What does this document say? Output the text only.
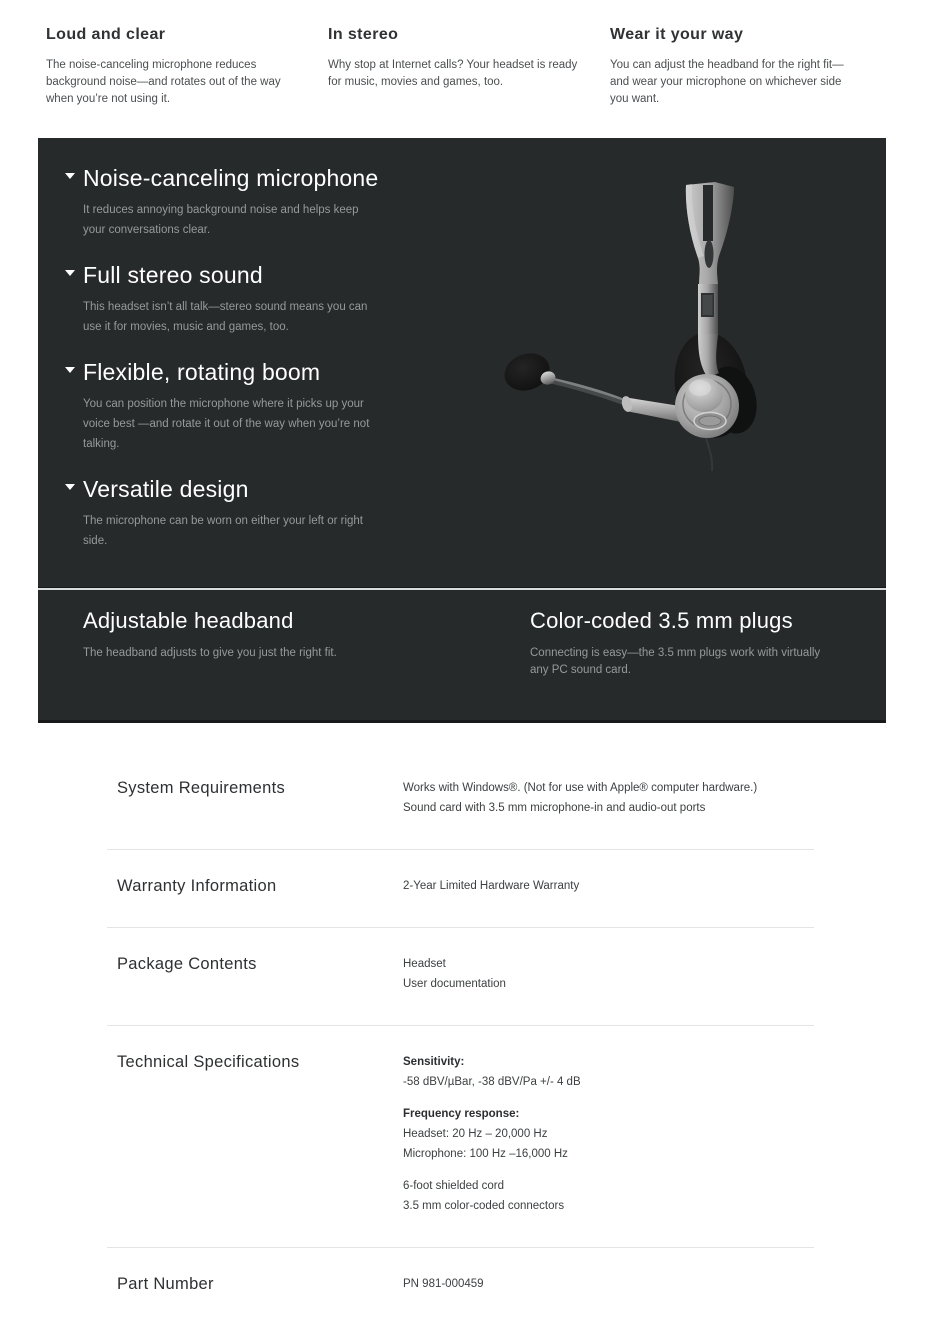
Loud and clear

The noise-canceling microphone reduces background noise—and rotates out of the way when you’re not using it.

In stereo

Why stop at Internet calls? Your headset is ready for music, movies and games, too.

Wear it your way

You can adjust the headband for the right fit—and wear your microphone on whichever side you want.

Noise-canceling microphone

It reduces annoying background noise and helps keep your conversations clear.

Full stereo sound

This headset isn’t all talk—stereo sound means you can use it for movies, music and games, too.

Flexible, rotating boom

You can position the microphone where it picks up your voice best —and rotate it out of the way when you’re not talking.

Versatile design

The microphone can be worn on either your left or right side.

Adjustable headband

The headband adjusts to give you just the right fit.

Color-coded 3.5 mm plugs

Connecting is easy—the 3.5 mm plugs work with virtually any PC sound card.

System Requirements	Works with Windows®. (Not for use with Apple® computer hardware.)

Sound card with 3.5 mm microphone-in and audio-out ports

Warranty Information	2-Year Limited Hardware Warranty

Package Contents	Headset

User documentation

Technical Specifications	Sensitivity:

-58 dBV/µBar, -38 dBV/Pa +/- 4 dB

Frequency response:

Headset: 20 Hz – 20,000 Hz

Microphone: 100 Hz –16,000 Hz

6-foot shielded cord

3.5 mm color-coded connectors

Part Number	PN 981-000459
